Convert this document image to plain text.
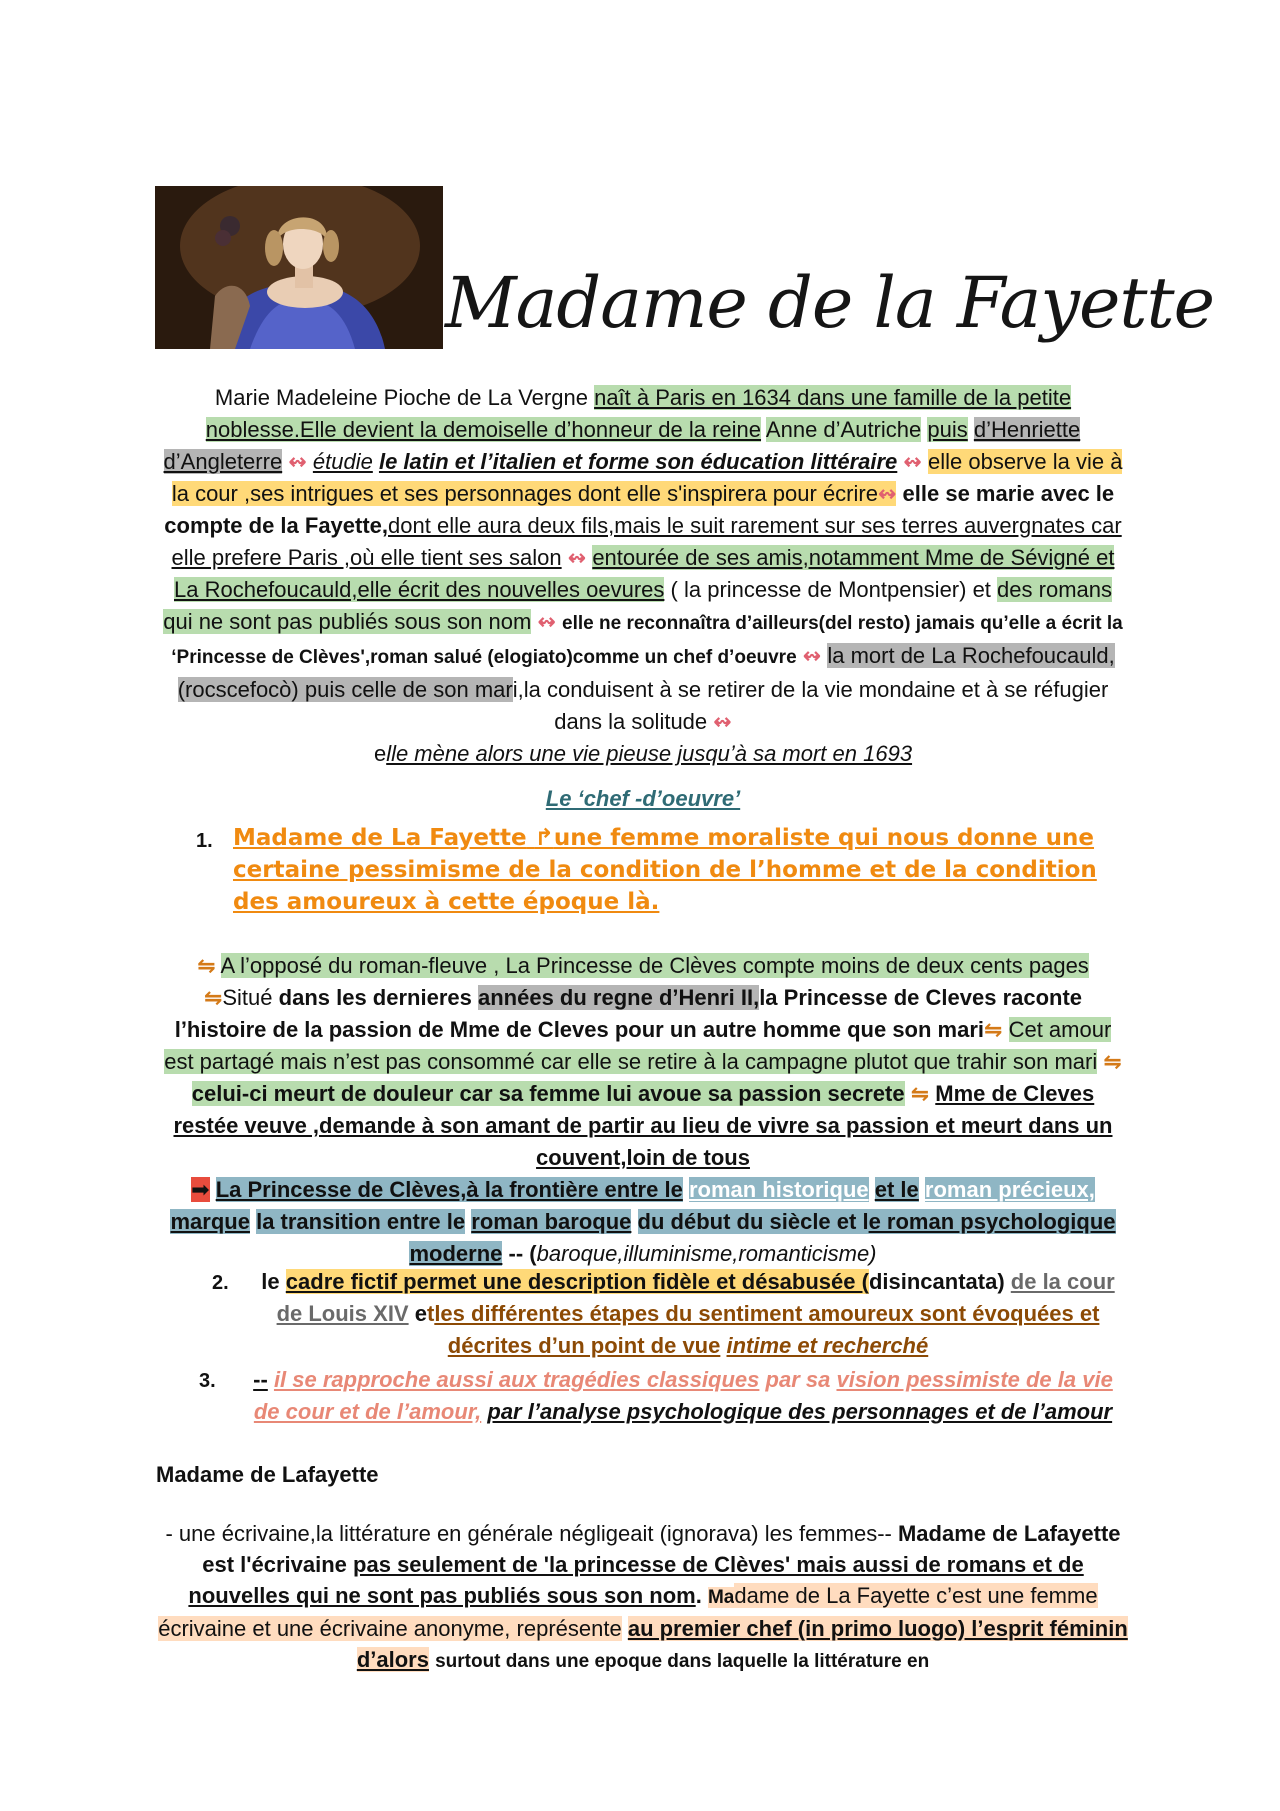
Madame de la Fayette
Marie Madeleine Pioche de La Vergne naît à Paris en 1634 dans une famille de la petite noblesse.Elle devient la demoiselle d’honneur de la reine Anne d’Autriche puis d’Henriette d’Angleterre ↭ étudie le latin et l’italien et forme son éducation littéraire ↭ elle observe la vie à la cour ,ses intrigues et ses personnages dont elle s'inspirera pour écrire↭ elle se marie avec le compte de la Fayette,dont elle aura deux fils,mais le suit rarement sur ses terres auvergnates car elle prefere Paris ,où elle tient ses salon ↭ entourée de ses amis,notamment Mme de Sévigné et La Rochefoucauld,elle écrit des nouvelles oevures ( la princesse de Montpensier) et des romans qui ne sont pas publiés sous son nom ↭ elle ne reconnaîtra d’ailleurs(del resto) jamais qu’elle a écrit la ‘Princesse de Clèves',roman salué (elogiato)comme un chef d’oeuvre ↭ la mort de La Rochefoucauld,(rocscefocò) puis celle de son mari,la conduisent à se retirer de la vie mondaine et à se réfugier dans la solitude ↭
elle mène alors une vie pieuse jusqu’à sa mort en 1693
Le ‘chef -d’oeuvre’
1. Madame de La Fayette ↱une femme moraliste qui nous donne une certaine pessimisme de la condition de l’homme et de la condition des amoureux à cette époque là.
⇋ A l’opposé du roman-fleuve , La Princesse de Clèves compte moins de deux cents pages
⇋Situé dans les dernieres années du regne d’Henri II,la Princesse de Cleves raconte l’histoire de la passion de Mme de Cleves pour un autre homme que son mari⇋ Cet amour est partagé mais n’est pas consommé car elle se retire à la campagne plutot que trahir son mari ⇋ celui-ci meurt de douleur car sa femme lui avoue sa passion secrete ⇋ Mme de Cleves restée veuve ,demande à son amant de partir au lieu de vivre sa passion et meurt dans un couvent,loin de tous
➡ La Princesse de Clèves,à la frontière entre le roman historique et le roman précieux, marque la transition entre le roman baroque du début du siècle et le roman psychologique moderne -- (baroque,illuminisme,romanticisme)
2.	le cadre fictif permet une description fidèle et désabusée (disincantata) de la cour de Louis XIV etles différentes étapes du sentiment amoureux sont évoquées et décrites d’un point de vue intime et recherché
3.	-- il se rapproche aussi aux tragédies classiques par sa vision pessimiste de la vie de cour et de l’amour, par l’analyse psychologique des personnages et de l’amour
Madame de Lafayette
- une écrivaine,la littérature en générale négligeait (ignorava) les femmes-- Madame de Lafayette est l'écrivaine pas seulement de 'la princesse de Clèves' mais aussi de romans et de nouvelles qui ne sont pas publiés sous son nom. Madame de La Fayette c’est une femme écrivaine et une écrivaine anonyme, représente au premier chef (in primo luogo) l’esprit féminin d’alors surtout dans une epoque dans laquelle la littérature en
